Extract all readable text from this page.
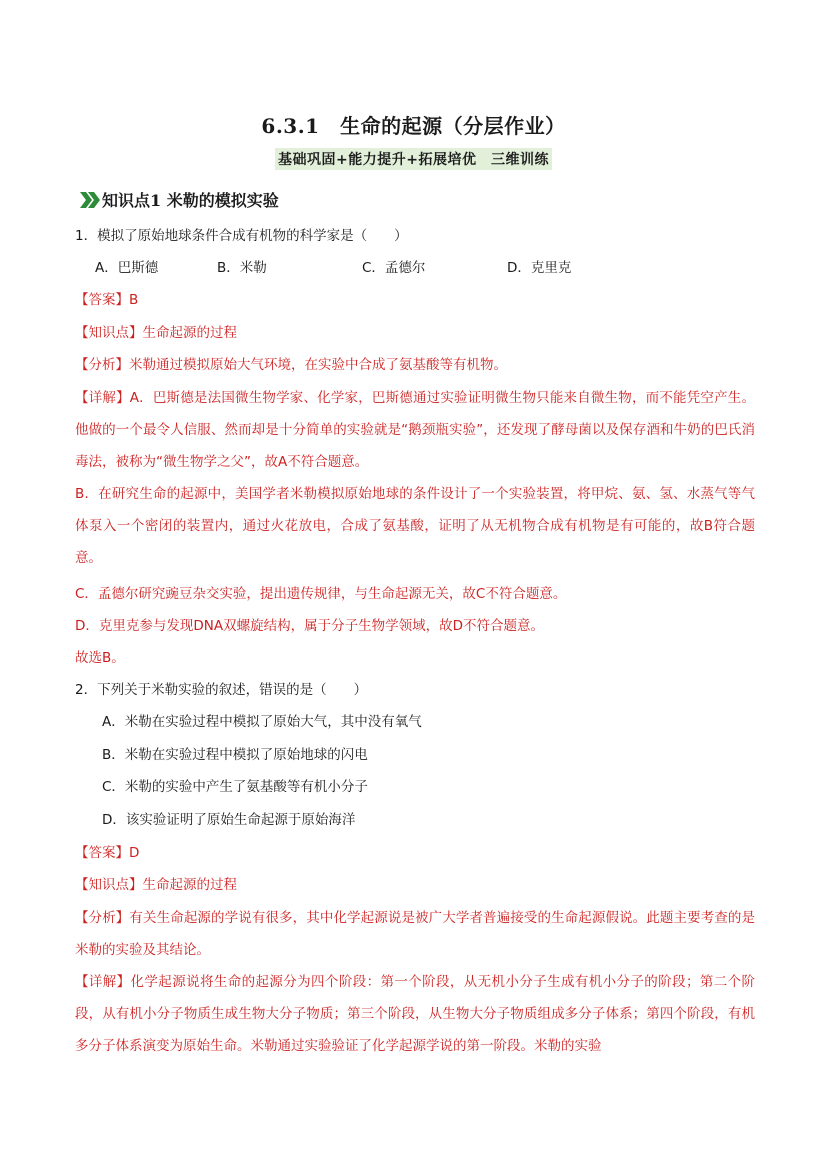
6.3.1　生命的起源（分层作业）
基础巩固+能力提升+拓展培优　三维训练
知识点1 米勒的模拟实验
1．模拟了原始地球条件合成有机物的科学家是（　　）
A．巴斯德	B．米勒	C．孟德尔	D．克里克
【答案】B
【知识点】生命起源的过程
【分析】米勒通过模拟原始大气环境，在实验中合成了氨基酸等有机物。

【详解】A．巴斯德是法国微生物学家、化学家，巴斯德通过实验证明微生物只能来自微生物，而不能凭空产生。他做的一个最令人信服、然而却是十分简单的实验就是“鹅颈瓶实验”，还发现了酵母菌以及保存酒和牛奶的巴氏消毒法，被称为“微生物学之父”，故A不符合题意。

B．在研究生命的起源中，美国学者米勒模拟原始地球的条件设计了一个实验装置，将甲烷、氨、氢、水蒸气等气体泵入一个密闭的装置内，通过火花放电，合成了氨基酸，证明了从无机物合成有机物是有可能的，故B符合题意。

C．孟德尔研究豌豆杂交实验，提出遗传规律，与生命起源无关，故C不符合题意。
D．克里克参与发现DNA双螺旋结构，属于分子生物学领域，故D不符合题意。
故选B。
2．下列关于米勒实验的叙述，错误的是（　　）
A．米勒在实验过程中模拟了原始大气，其中没有氧气
B．米勒在实验过程中模拟了原始地球的闪电
C．米勒的实验中产生了氨基酸等有机小分子
D．该实验证明了原始生命起源于原始海洋
【答案】D
【知识点】生命起源的过程

【分析】有关生命起源的学说有很多，其中化学起源说是被广大学者普遍接受的生命起源假说。此题主要考查的是米勒的实验及其结论。

【详解】化学起源说将生命的起源分为四个阶段：第一个阶段，从无机小分子生成有机小分子的阶段；第二个阶段，从有机小分子物质生成生物大分子物质；第三个阶段，从生物大分子物质组成多分子体系；第四个阶段，有机多分子体系演变为原始生命。米勒通过实验验证了化学起源学说的第一阶段。米勒的实验
